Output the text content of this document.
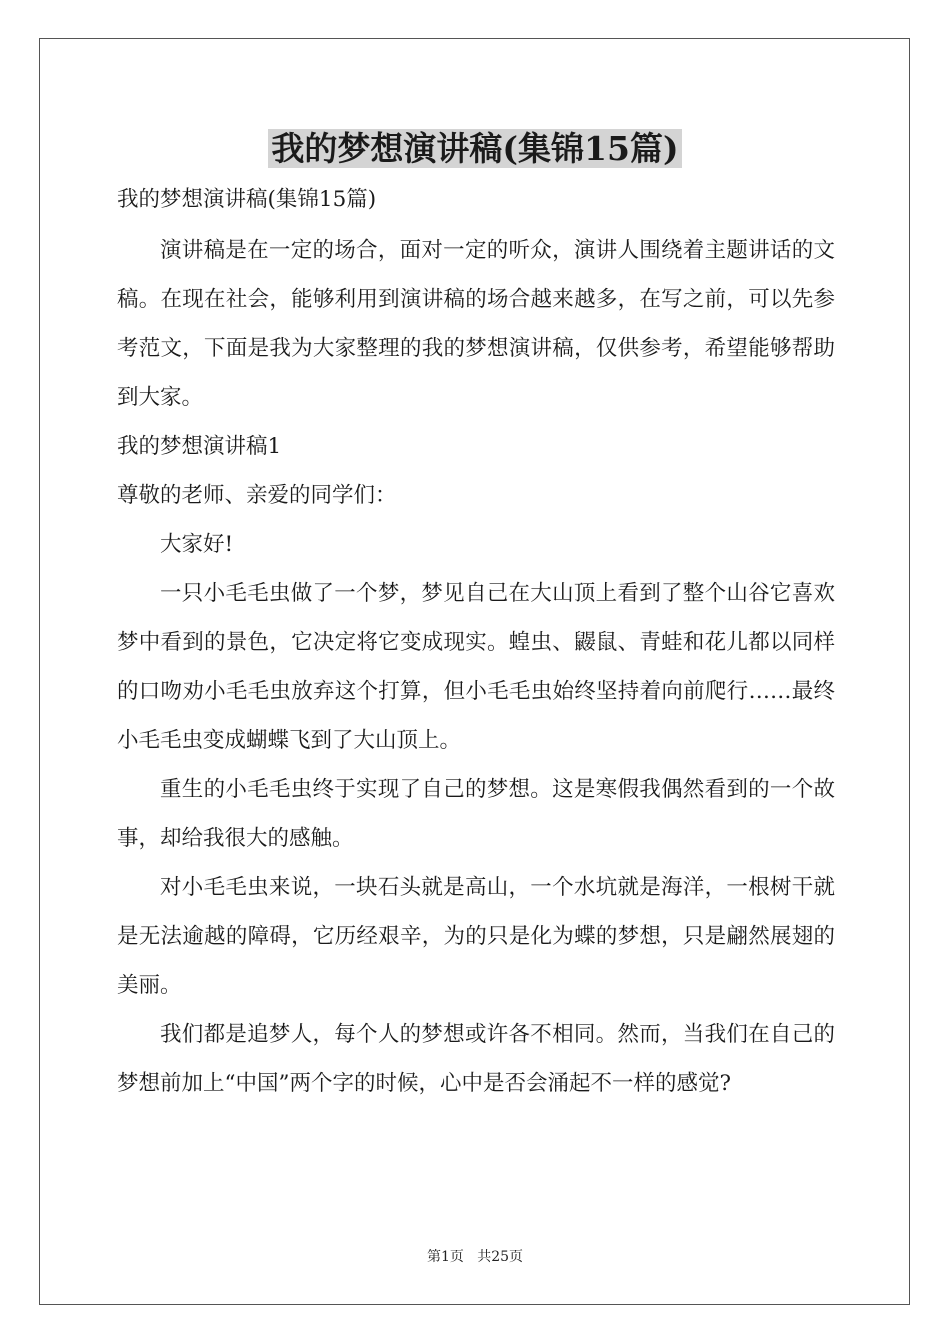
我的梦想演讲稿(集锦15篇)

我的梦想演讲稿(集锦15篇)

演讲稿是在一定的场合，面对一定的听众，演讲人围绕着主题讲话的文稿。在现在社会，能够利用到演讲稿的场合越来越多，在写之前，可以先参考范文，下面是我为大家整理的我的梦想演讲稿，仅供参考，希望能够帮助到大家。

我的梦想演讲稿1

尊敬的老师、亲爱的同学们：

大家好!

一只小毛毛虫做了一个梦，梦见自己在大山顶上看到了整个山谷它喜欢梦中看到的景色，它决定将它变成现实。蝗虫、鼹鼠、青蛙和花儿都以同样的口吻劝小毛毛虫放弃这个打算，但小毛毛虫始终坚持着向前爬行……最终小毛毛虫变成蝴蝶飞到了大山顶上。

重生的小毛毛虫终于实现了自己的梦想。这是寒假我偶然看到的一个故事，却给我很大的感触。

对小毛毛虫来说，一块石头就是高山，一个水坑就是海洋，一根树干就是无法逾越的障碍，它历经艰辛，为的只是化为蝶的梦想，只是翩然展翅的美丽。

我们都是追梦人，每个人的梦想或许各不相同。然而，当我们在自己的梦想前加上“中国”两个字的时候，心中是否会涌起不一样的感觉?

第1页   共25页
